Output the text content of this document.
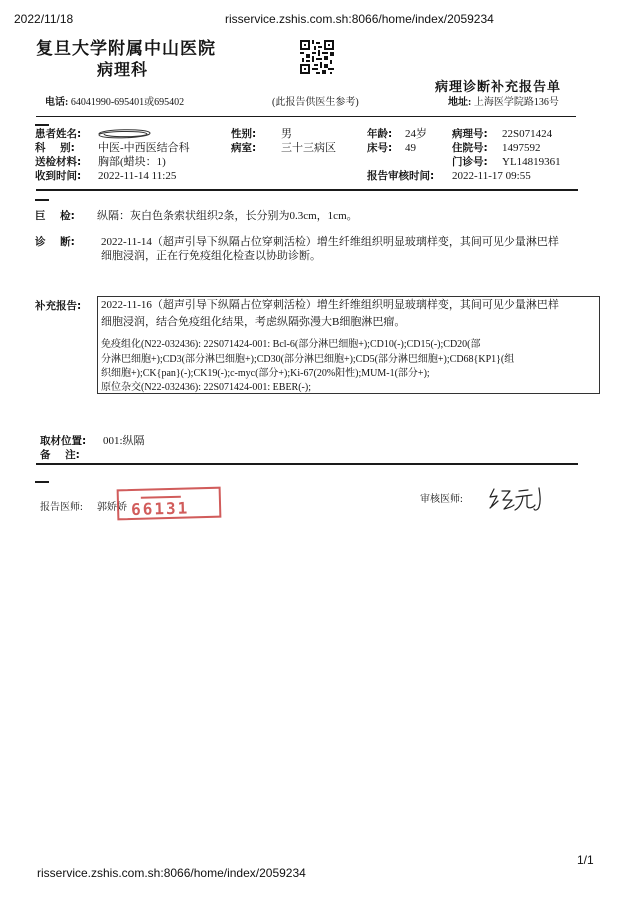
2022/11/18	risservice.zshis.com.sh:8066/home/index/2059234
复旦大学附属中山医院
病理科
病理诊断补充报告单
电话: 64041990-695401或695402	(此报告供医生参考)	地址: 上海医学院路136号
患者姓名:	性别: 男	年龄: 24岁 病理号: 22S071424
科    别: 中医-中西医结合科	病室: 三十三病区	床号: 49	住院号: 1497592
送检材料: 胸部(蜡块：1)	门诊号: YL14819361
收到时间: 2022-11-14 11:25	报告审核时间: 2022-11-17 09:55
巨    检: 纵隔：灰白色条索状组织2条，长分别为0.3cm，1cm。
诊    断: 2022-11-14（超声引导下纵隔占位穿刺活检）增生纤维组织明显玻璃样变，其间可见少量淋巴样
细胞浸润，正在行免疫组化检查以协助诊断。
补充报告: 2022-11-16（超声引导下纵隔占位穿刺活检）增生纤维组织明显玻璃样变，其间可见少量淋巴样
细胞浸润，结合免疫组化结果，考虑纵隔弥漫大B细胞淋巴瘤。
免疫组化(N22-032436): 22S071424-001: Bcl-6(部分淋巴细胞+);CD10(-);CD15(-);CD20(部
分淋巴细胞+);CD3(部分淋巴细胞+);CD30(部分淋巴细胞+);CD5(部分淋巴细胞+);CD68{KP1}(组
织细胞+);CK{pan}(-);CK19(-);c-myc(部分+);Ki-67(20%阳性);MUM-1(部分+);
原位杂交(N22-032436): 22S071424-001: EBER(-);
取材位置: 001:纵隔
备    注:
报告医师: 郭娇娇 66131	审核医师:
1/1
risservice.zshis.com.sh:8066/home/index/2059234
